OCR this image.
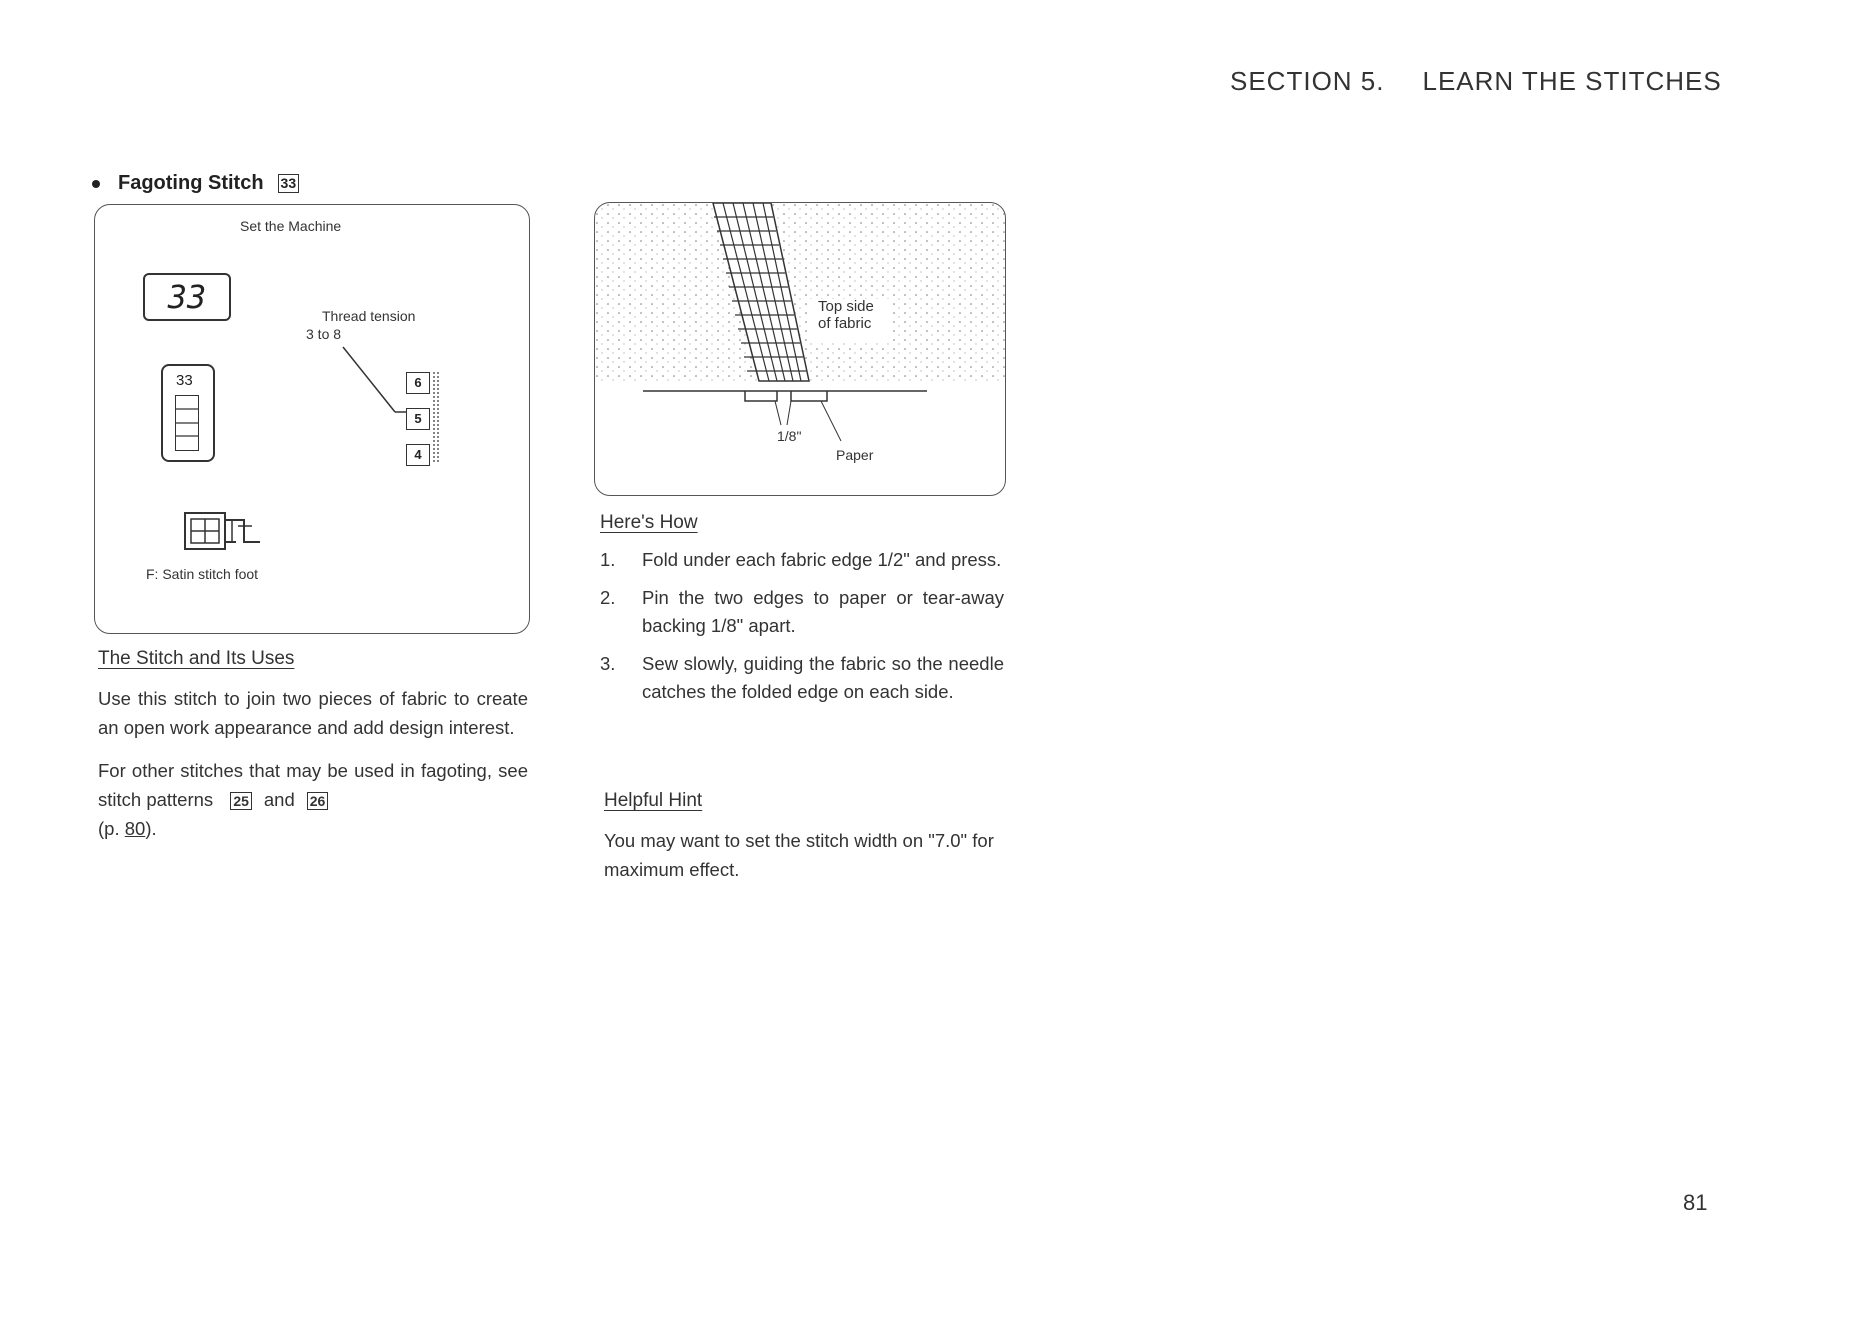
SECTION 5. LEARN THE STITCHES
Fagoting Stitch 33
Set the Machine
33	Thread tension
3 to 8
33	6
5
4
F: Satin stitch foot
The Stitch and Its Uses

Use this stitch to join two pieces of fabric to create an open work appearance and add design interest.

For other stitches that may be used in fagoting, see stitch patterns 25 and 26
(p. 80).

Top side
of fabric
1/8"
Paper
Here's How
1. Fold under each fabric edge 1/2" and press.
2. Pin the two edges to paper or tear-away backing 1/8" apart.
3. Sew slowly, guiding the fabric so the needle catches the folded edge on each side.
Helpful Hint
You may want to set the stitch width on "7.0" for maximum effect.
81
